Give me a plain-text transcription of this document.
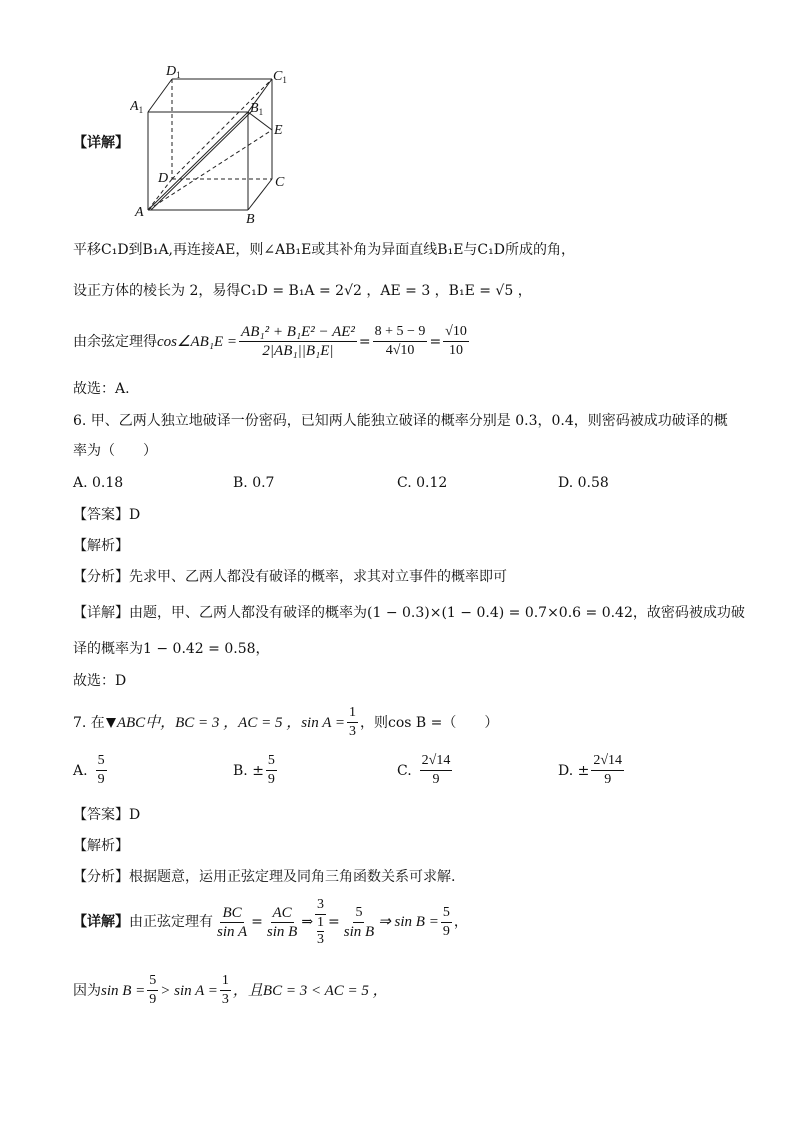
$D_1$	$C_1$
$A_1$	$B_1$
E
D	C
A	B
【详解】
平移C₁D到B₁A,再连接AE，则∠AB₁E或其补角为异面直线B₁E与C₁D所成的角，
设正方体的棱长为 2，易得C₁D = B₁A = 2√2 ，AE = 3 ，B₁E = √5 ，
由余弦定理得 cos∠AB₁E = $\frac{\text{AB₁² + B₁E² − AE²}}{\text{2|AB₁||B₁E|}} = \frac{8 + 5 - 9}{4√10} = \frac{√10}{10}$
故选：A.
6. 甲、乙两人独立地破译一份密码，已知两人能独立破译的概率分别是 0.3，0.4，则密码被成功破译的概
率为（　　）
A. 0.18	B. 0.7	C. 0.12	D. 0.58
【答案】D
【解析】
【分析】先求甲、乙两人都没有破译的概率，求其对立事件的概率即可
【详解】由题，甲、乙两人都没有破译的概率为(1 − 0.3)×(1 − 0.4) = 0.7×0.6 = 0.42，故密码被成功破
译的概率为1 − 0.42 = 0.58，
故选：D
7. 在 ABC中，BC = 3 ，AC = 5 ，$\sin A = \frac{1}{3}$ ，则cos B =（　　）
A. $\frac{5}{9}$	B. ± $\frac{5}{9}$	C. $\frac{2√14}{9}$	D. ± $\frac{2√14}{9}$
【答案】D
【解析】
【分析】根据题意，运用正弦定理及同角三角函数关系可求解.
【详解】 由正弦定理有 $\frac{BC}{\text{sin A}} = \frac{AC}{\text{sin B}}$ ⇒ 3
1
$3 = \frac{5}{\text{sin B}}$ ⇒ $\sin B = \frac{5}{9}$ ，
因为 $\sin B = \frac{5}{9} > \sin A = \frac{1}{3}$ ，且BC = 3 < AC = 5 ，
